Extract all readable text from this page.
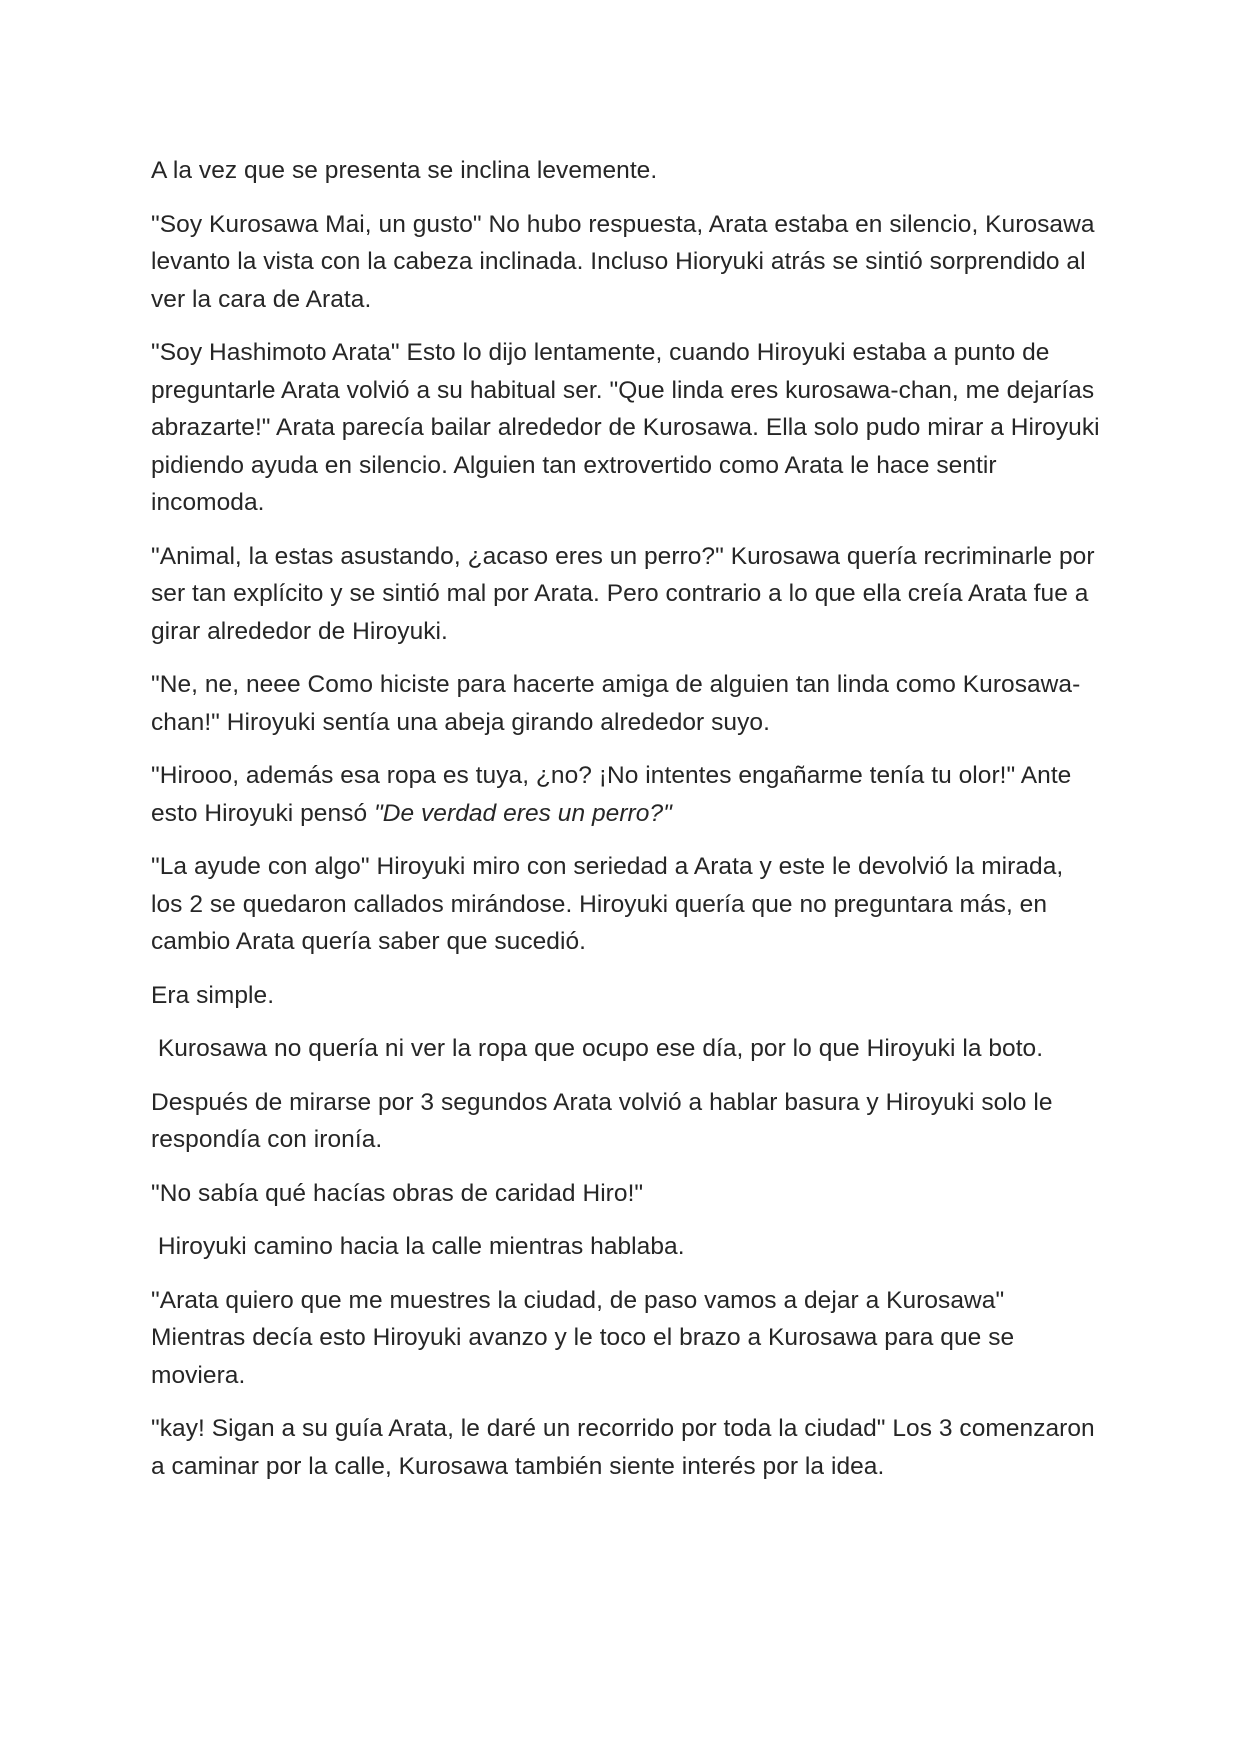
A la vez que se presenta se inclina levemente.

"Soy Kurosawa Mai, un gusto" No hubo respuesta, Arata estaba en silencio, Kurosawa levanto la vista con la cabeza inclinada. Incluso Hioryuki atrás se sintió sorprendido al ver la cara de Arata.

"Soy Hashimoto Arata" Esto lo dijo lentamente, cuando Hiroyuki estaba a punto de preguntarle Arata volvió a su habitual ser. "Que linda eres kurosawa-chan, me dejarías abrazarte!" Arata parecía bailar alrededor de Kurosawa. Ella solo pudo mirar a Hiroyuki pidiendo ayuda en silencio. Alguien tan extrovertido como Arata le hace sentir incomoda.

"Animal, la estas asustando, ¿acaso eres un perro?" Kurosawa quería recriminarle por ser tan explícito y se sintió mal por Arata. Pero contrario a lo que ella creía Arata fue a girar alrededor de Hiroyuki.

"Ne, ne, neee Como hiciste para hacerte amiga de alguien tan linda como Kurosawa-chan!" Hiroyuki sentía una abeja girando alrededor suyo.

"Hirooo, además esa ropa es tuya, ¿no? ¡No intentes engañarme tenía tu olor!" Ante esto Hiroyuki pensó "De verdad eres un perro?"

"La ayude con algo" Hiroyuki miro con seriedad a Arata y este le devolvió la mirada, los 2 se quedaron callados mirándose. Hiroyuki quería que no preguntara más, en cambio Arata quería saber que sucedió.

Era simple.

Kurosawa no quería ni ver la ropa que ocupo ese día, por lo que Hiroyuki la boto.

Después de mirarse por 3 segundos Arata volvió a hablar basura y Hiroyuki solo le respondía con ironía.

"No sabía qué hacías obras de caridad Hiro!"

Hiroyuki camino hacia la calle mientras hablaba.

"Arata quiero que me muestres la ciudad, de paso vamos a dejar a Kurosawa" Mientras decía esto Hiroyuki avanzo y le toco el brazo a Kurosawa para que se moviera.

"kay! Sigan a su guía Arata, le daré un recorrido por toda la ciudad" Los 3 comenzaron a caminar por la calle, Kurosawa también siente interés por la idea.
